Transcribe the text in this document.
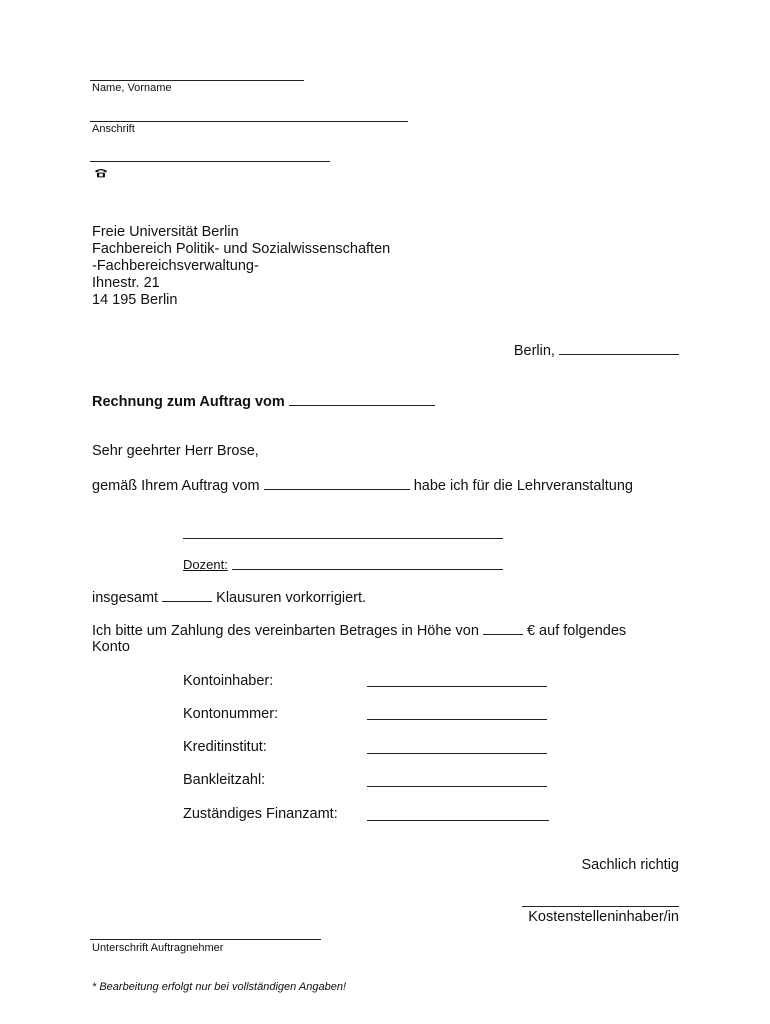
Name, Vorname
Anschrift
Freie Universität Berlin
Fachbereich Politik- und Sozialwissenschaften
-Fachbereichsverwaltung-
Ihnestr. 21
14 195 Berlin
Berlin,
Rechnung zum Auftrag vom
Sehr geehrter Herr Brose,
gemäß Ihrem Auftrag vom	habe ich für die Lehrveranstaltung
Dozent:
insgesamt	Klausuren vorkorrigiert.
Ich bitte um Zahlung des vereinbarten Betrages in Höhe von	€ auf folgendes
Konto
Kontoinhaber:
Kontonummer:
Kreditinstitut:
Bankleitzahl:
Zuständiges Finanzamt:
Sachlich richtig
Kostenstelleninhaber/in
Unterschrift Auftragnehmer
* Bearbeitung erfolgt nur bei vollständigen Angaben!
